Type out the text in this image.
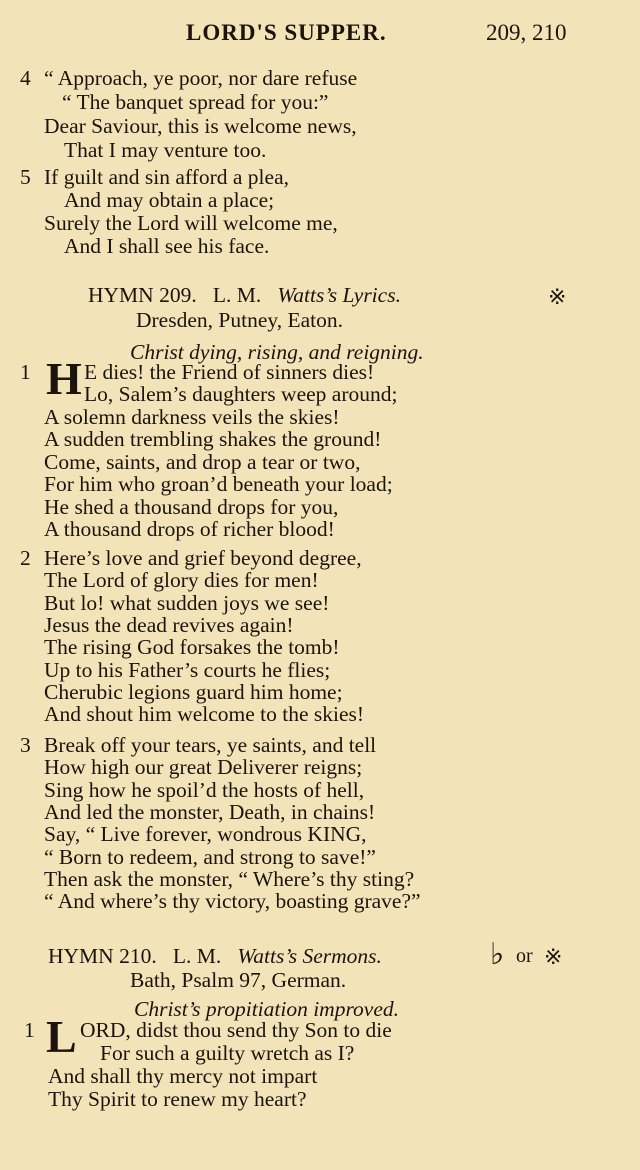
LORD'S SUPPER.	209, 210
4 “ Approach, ye poor, nor dare refuse
“ The banquet spread for you:”
Dear Saviour, this is welcome news,
That I may venture too.
5 If guilt and sin afford a plea,
And may obtain a place;
Surely the Lord will welcome me,
And I shall see his face.
HYMN 209. L. M. Watts’s Lyrics.	※
Dresden, Putney, Eaton.
Christ dying, rising, and reigning.
1 H E dies! the Friend of sinners dies!
Lo, Salem’s daughters weep around;
A solemn darkness veils the skies!
A sudden trembling shakes the ground!
Come, saints, and drop a tear or two,
For him who groan’d beneath your load;
He shed a thousand drops for you,
A thousand drops of richer blood!
2 Here’s love and grief beyond degree,
The Lord of glory dies for men!
But lo! what sudden joys we see!
Jesus the dead revives again!
The rising God forsakes the tomb!
Up to his Father’s courts he flies;
Cherubic legions guard him home;
And shout him welcome to the skies!
3 Break off your tears, ye saints, and tell
How high our great Deliverer reigns;
Sing how he spoil’d the hosts of hell,
And led the monster, Death, in chains!
Say, “ Live forever, wondrous KING,
“ Born to redeem, and strong to save!”
Then ask the monster, “ Where’s thy sting?
“ And where’s thy victory, boasting grave?”
HYMN 210. L. M. Watts’s Sermons.	♭ or ※
Bath, Psalm 97, German.
Christ’s propitiation improved.
1 L ORD, didst thou send thy Son to die
For such a guilty wretch as I?
And shall thy mercy not impart
Thy Spirit to renew my heart?
